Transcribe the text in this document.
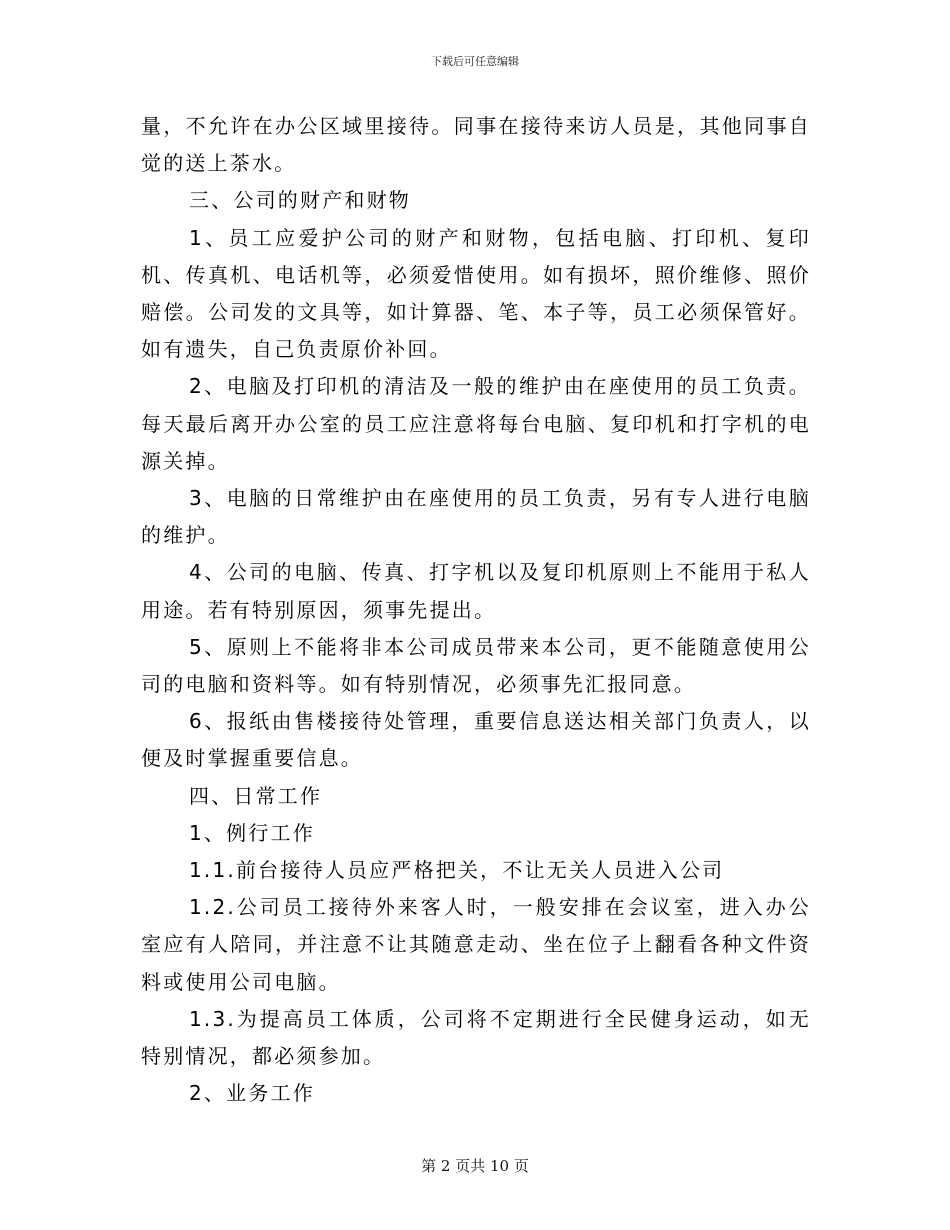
下载后可任意编辑

量，不允许在办公区域里接待。同事在接待来访人员是，其他同事自觉的送上茶水。

三、公司的财产和财物

1、员工应爱护公司的财产和财物，包括电脑、打印机、复印机、传真机、电话机等，必须爱惜使用。如有损坏，照价维修、照价赔偿。公司发的文具等，如计算器、笔、本子等，员工必须保管好。如有遗失，自己负责原价补回。

2、电脑及打印机的清洁及一般的维护由在座使用的员工负责。每天最后离开办公室的员工应注意将每台电脑、复印机和打字机的电源关掉。

3、电脑的日常维护由在座使用的员工负责，另有专人进行电脑的维护。

4、公司的电脑、传真、打字机以及复印机原则上不能用于私人用途。若有特别原因，须事先提出。

5、原则上不能将非本公司成员带来本公司，更不能随意使用公司的电脑和资料等。如有特别情况，必须事先汇报同意。

6、报纸由售楼接待处管理，重要信息送达相关部门负责人，以便及时掌握重要信息。

四、日常工作

1、例行工作

1.1.前台接待人员应严格把关，不让无关人员进入公司

1.2.公司员工接待外来客人时，一般安排在会议室，进入办公室应有人陪同，并注意不让其随意走动、坐在位子上翻看各种文件资料或使用公司电脑。

1.3.为提高员工体质，公司将不定期进行全民健身运动，如无特别情况，都必须参加。

2、业务工作

第 2 页共 10 页
